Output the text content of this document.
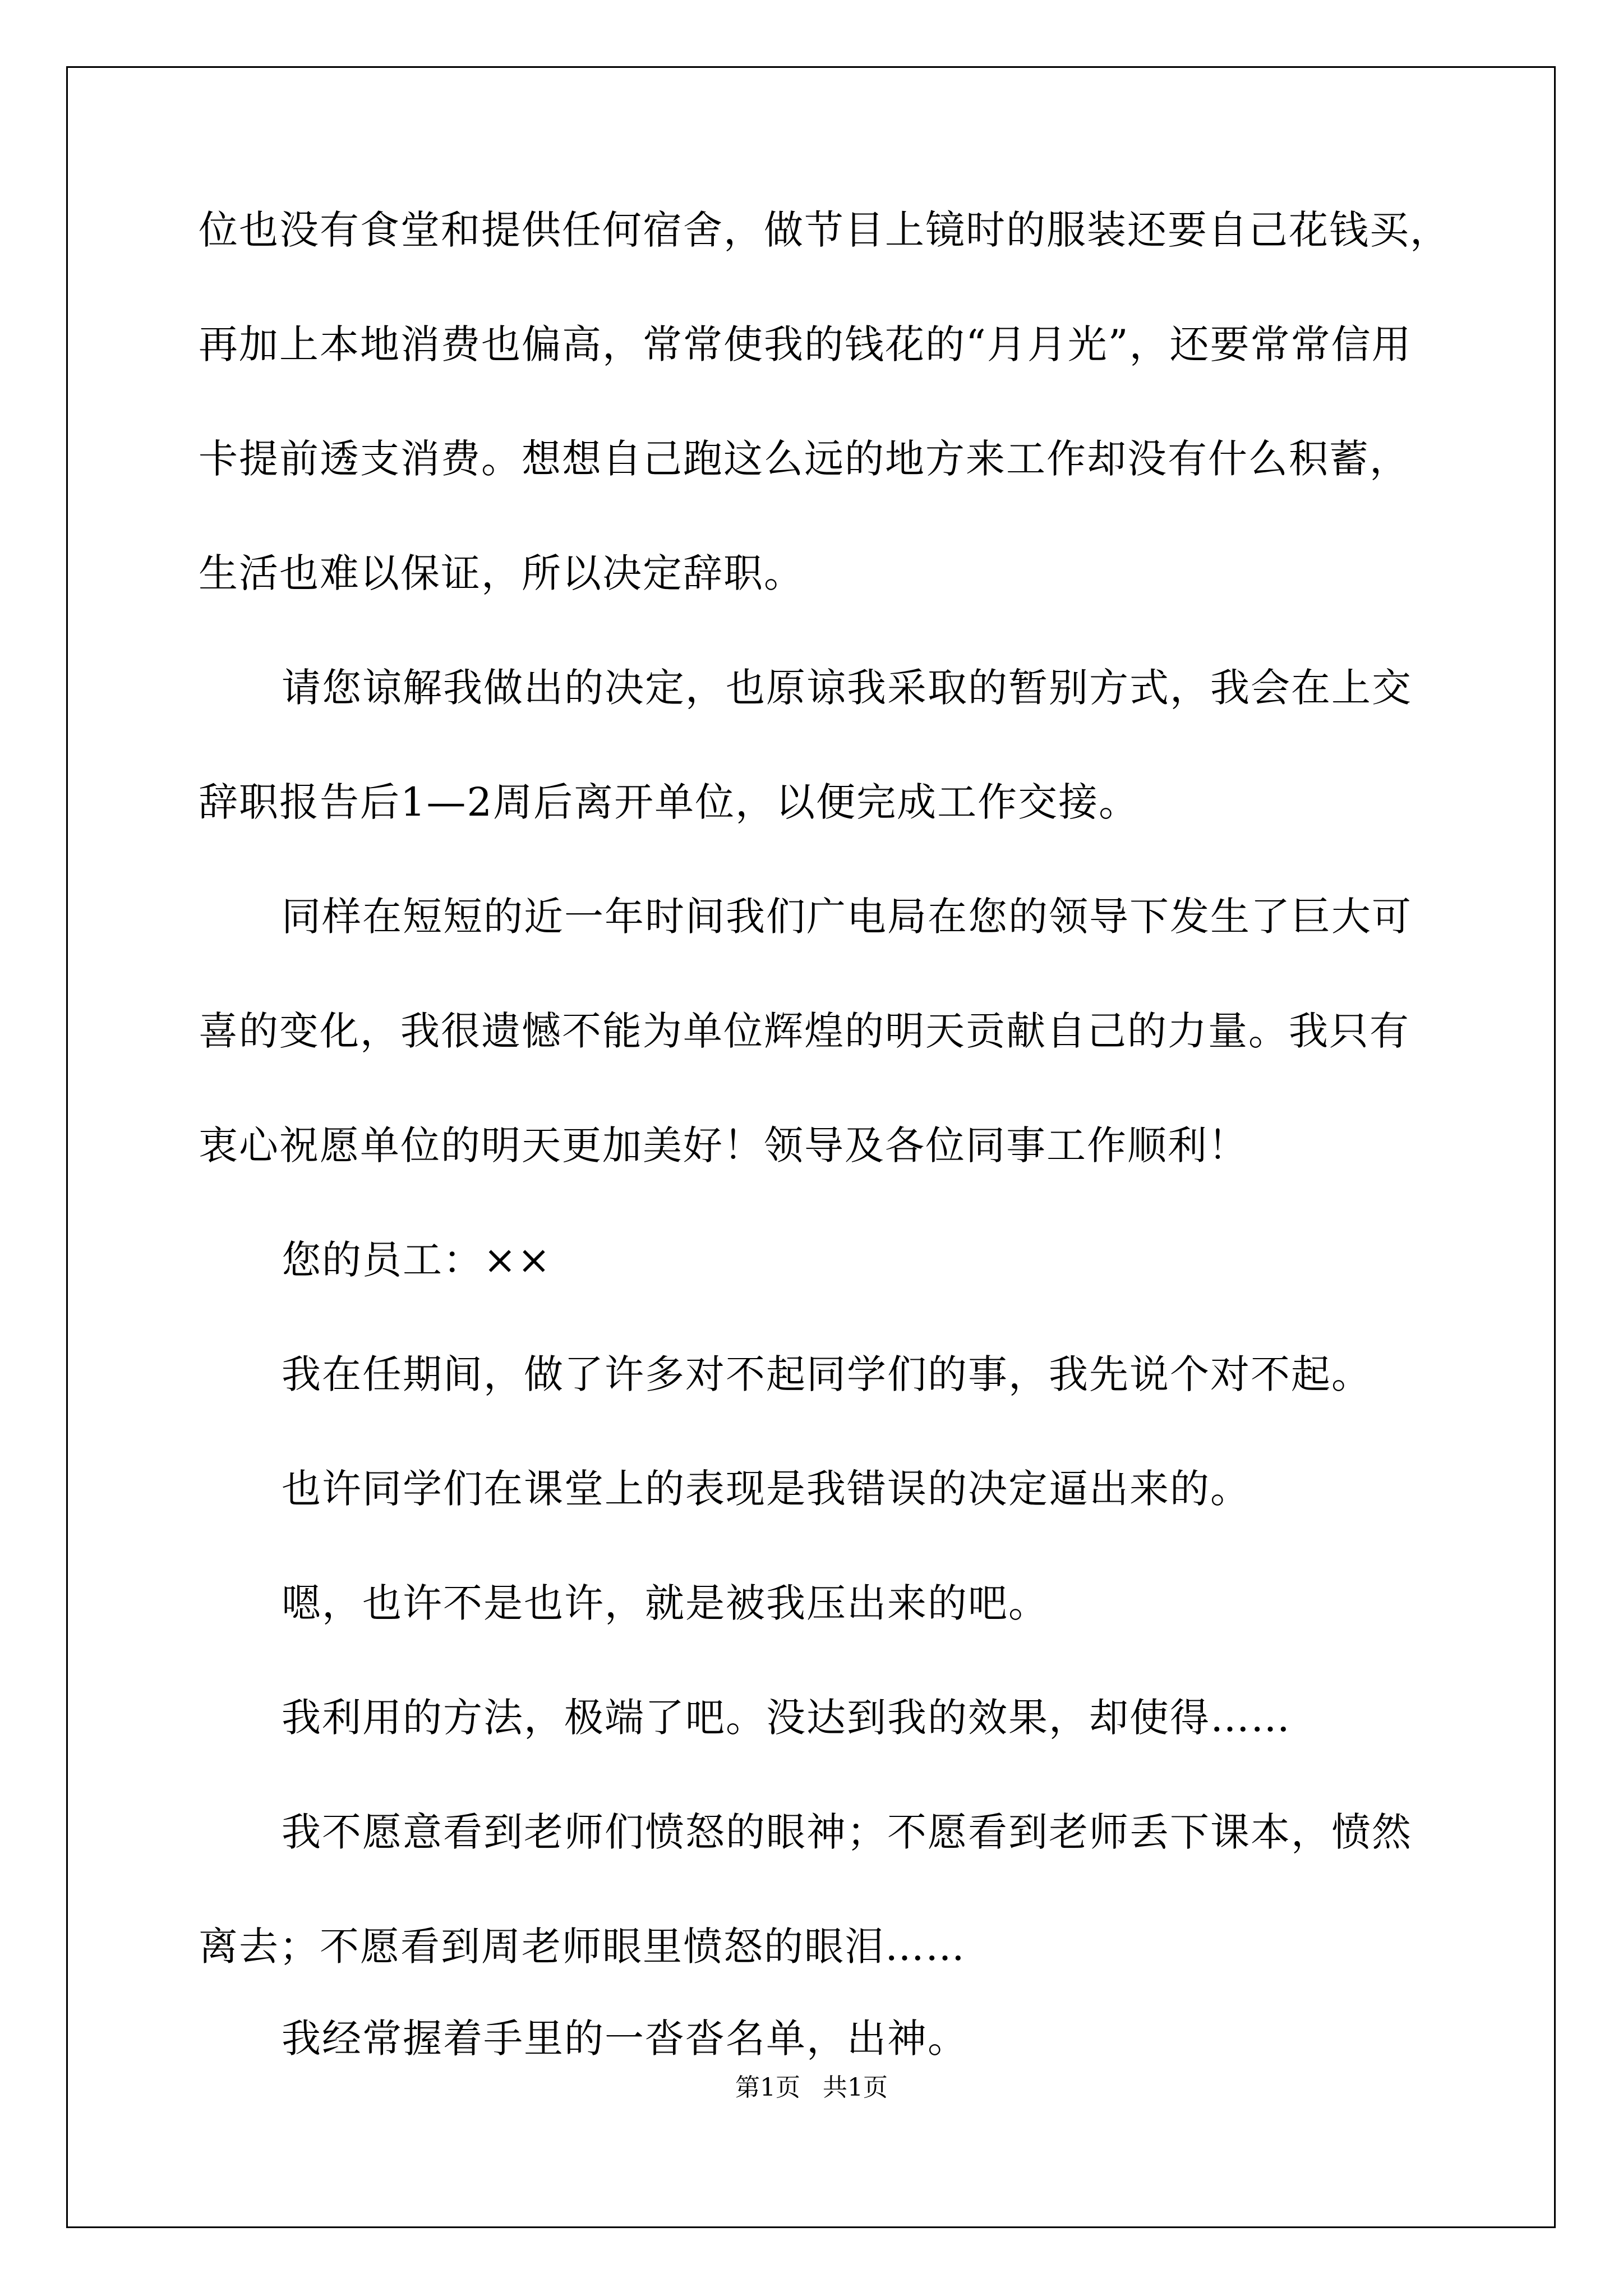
位也没有食堂和提供任何宿舍，做节目上镜时的服装还要自己花钱买，
再加上本地消费也偏高，常常使我的钱花的“月月光”，还要常常信用
卡提前透支消费。想想自己跑这么远的地方来工作却没有什么积蓄，
生活也难以保证，所以决定辞职。
请您谅解我做出的决定，也原谅我采取的暂别方式，我会在上交
辞职报告后1—2周后离开单位，以便完成工作交接。
同样在短短的近一年时间我们广电局在您的领导下发生了巨大可
喜的变化，我很遗憾不能为单位辉煌的明天贡献自己的力量。我只有
衷心祝愿单位的明天更加美好！领导及各位同事工作顺利！
您的员工：××
我在任期间，做了许多对不起同学们的事，我先说个对不起。
也许同学们在课堂上的表现是我错误的决定逼出来的。
嗯，也许不是也许，就是被我压出来的吧。
我利用的方法，极端了吧。没达到我的效果，却使得……
我不愿意看到老师们愤怒的眼神；不愿看到老师丢下课本，愤然
离去；不愿看到周老师眼里愤怒的眼泪……
我经常握着手里的一沓沓名单，出神。
第1页 共1页
